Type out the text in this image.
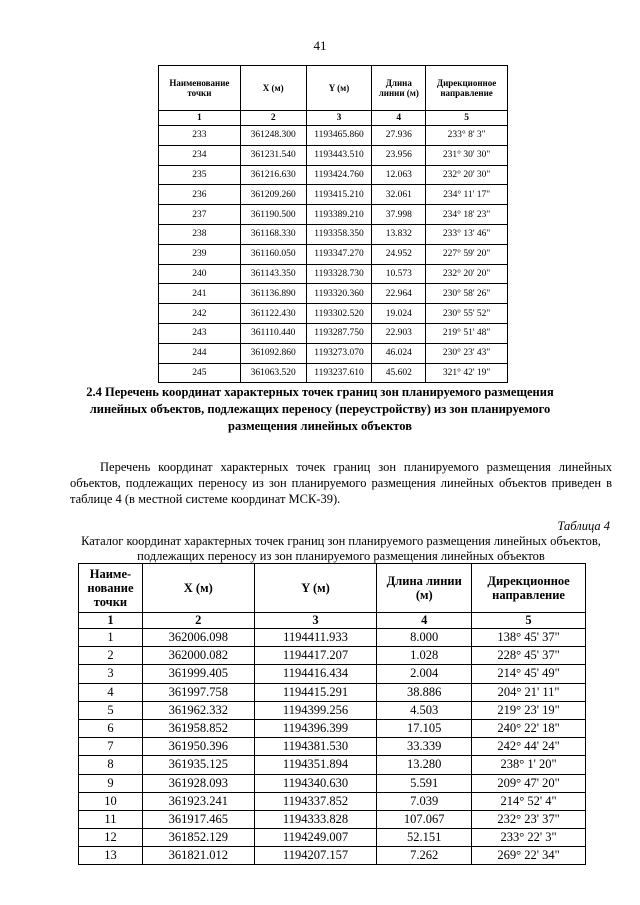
41
Наименование точки	X (м)	Y (м)	Длина линии (м)	Дирекционное направление
1	2	3	4	5
233	361248.300	1193465.860	27.936	233° 8' 3"
234	361231.540	1193443.510	23.956	231° 30' 30"
235	361216.630	1193424.760	12.063	232° 20' 30"
236	361209.260	1193415.210	32.061	234° 11' 17"
237	361190.500	1193389.210	37.998	234° 18' 23"
238	361168.330	1193358.350	13.832	233° 13' 46"
239	361160.050	1193347.270	24.952	227° 59' 20"
240	361143.350	1193328.730	10.573	232° 20' 20"
241	361136.890	1193320.360	22.964	230° 58' 26"
242	361122.430	1193302.520	19.024	230° 55' 52"
243	361110.440	1193287.750	22.903	219° 51' 48"
244	361092.860	1193273.070	46.024	230° 23' 43"
245	361063.520	1193237.610	45.602	321° 42' 19"
2.4 Перечень координат характерных точек границ зон планируемого размещения линейных объектов, подлежащих переносу (переустройству) из зон планируемого размещения линейных объектов
Перечень координат характерных точек границ зон планируемого размещения линейных объектов, подлежащих переносу из зон планируемого размещения линейных объектов приведен в таблице 4 (в местной системе координат МСК-39).
Таблица 4
Каталог координат характерных точек границ зон планируемого размещения линейных объектов, подлежащих переносу из зон планируемого размещения линейных объектов
Наиме-нование точки	X (м)	Y (м)	Длина линии (м)	Дирекционное направление
1	2	3	4	5
1	362006.098	1194411.933	8.000	138° 45' 37"
2	362000.082	1194417.207	1.028	228° 45' 37"
3	361999.405	1194416.434	2.004	214° 45' 49"
4	361997.758	1194415.291	38.886	204° 21' 11"
5	361962.332	1194399.256	4.503	219° 23' 19"
6	361958.852	1194396.399	17.105	240° 22' 18"
7	361950.396	1194381.530	33.339	242° 44' 24"
8	361935.125	1194351.894	13.280	238° 1' 20"
9	361928.093	1194340.630	5.591	209° 47' 20"
10	361923.241	1194337.852	7.039	214° 52' 4"
11	361917.465	1194333.828	107.067	232° 23' 37"
12	361852.129	1194249.007	52.151	233° 22' 3"
13	361821.012	1194207.157	7.262	269° 22' 34"
